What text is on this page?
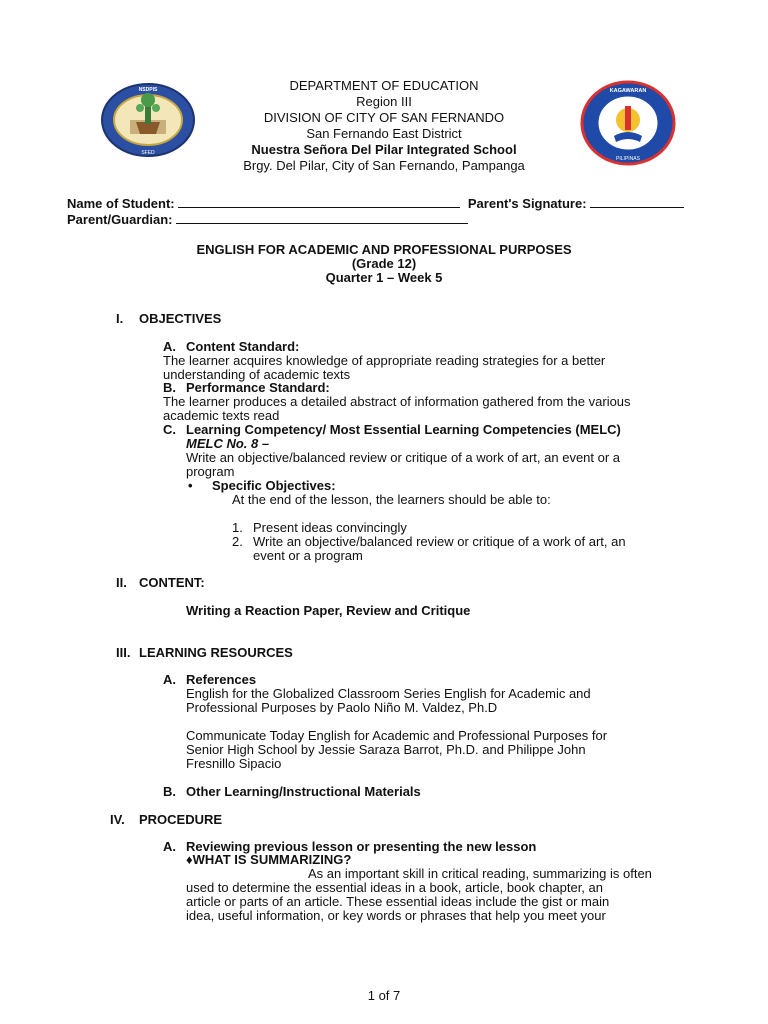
NSDPIS
SFED
KAGAWARAN
PILIPINAS
DEPARTMENT OF EDUCATION
Region III
DIVISION OF CITY OF SAN FERNANDO
San Fernando East District
Nuestra Señora Del Pilar Integrated School
Brgy. Del Pilar, City of San Fernando, Pampanga
Name of Student:	Parent's Signature:
Parent/Guardian:
ENGLISH FOR ACADEMIC AND PROFESSIONAL PURPOSES
(Grade 12)
Quarter 1 – Week 5
I. OBJECTIVES
A. Content Standard:
The learner acquires knowledge of appropriate reading strategies for a better
understanding of academic texts
B. Performance Standard:
The learner produces a detailed abstract of information gathered from the various
academic texts read
C. Learning Competency/ Most Essential Learning Competencies (MELC)
MELC No. 8 –
Write an objective/balanced review or critique of a work of art, an event or a
program
• Specific Objectives:
At the end of the lesson, the learners should be able to:
1. Present ideas convincingly
2. Write an objective/balanced review or critique of a work of art, an
event or a program
II. CONTENT:
Writing a Reaction Paper, Review and Critique
III. LEARNING RESOURCES
A. References
English for the Globalized Classroom Series English for Academic and
Professional Purposes by Paolo Niño M. Valdez, Ph.D
Communicate Today English for Academic and Professional Purposes for
Senior High School by Jessie Saraza Barrot, Ph.D. and Philippe John
Fresnillo Sipacio
B. Other Learning/Instructional Materials
IV. PROCEDURE
A. Reviewing previous lesson or presenting the new lesson
♦WHAT IS SUMMARIZING?
As an important skill in critical reading, summarizing is often
used to determine the essential ideas in a book, article, book chapter, an
article or parts of an article. These essential ideas include the gist or main
idea, useful information, or key words or phrases that help you meet your
1 of 7
